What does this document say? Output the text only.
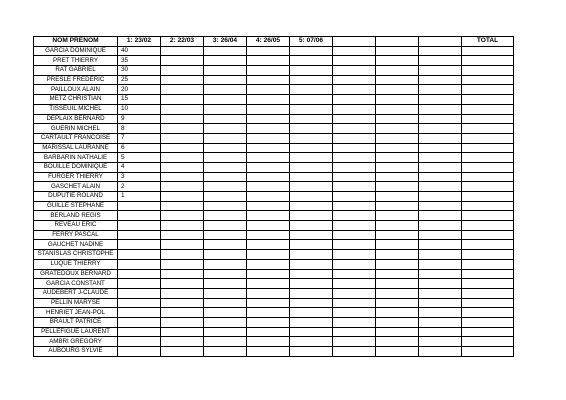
NOM PRENOM	1: 23/02	2: 22/03	3: 26/04	4: 26/05	5: 07/06				TOTAL
GARCIA DOMINIQUE	40								
PRET THIERRY	35								
RAT GABRIEL	30								
PRESLE FREDERIC	25								
PAILLOUX ALAIN	20								
METZ CHRISTIAN	15								
TISSEUIL MICHEL	10								
DEPLAIX BERNARD	9								
GUERIN MICHEL	8								
CARTAULT FRANCOISE	7								
MARISSAL LAURANNE	6								
BARBARIN NATHALIE	5								
BOUILLE DOMINIQUE	4								
FURGER THIERRY	3								
GASCHET ALAIN	2								
DUPUTIE ROLAND	1								
GUILLE STEPHANE									
BERLAND REGIS									
REVEAU ERIC									
FERRY PASCAL									
GAUCHET NADINE									
STANISLAS CHRISTOPHE									
LUQUE THIERRY									
GRATEDOUX BERNARD									
GARCIA CONSTANT									
AUDEBERT J-CLAUDE									
PELLIN MARYSE									
HENRIET JEAN-POL									
BRAULT PATRICE									
PELLEFIGUE LAURENT									
AMBRI GREGORY									
AUBOURG SYLVIE									
